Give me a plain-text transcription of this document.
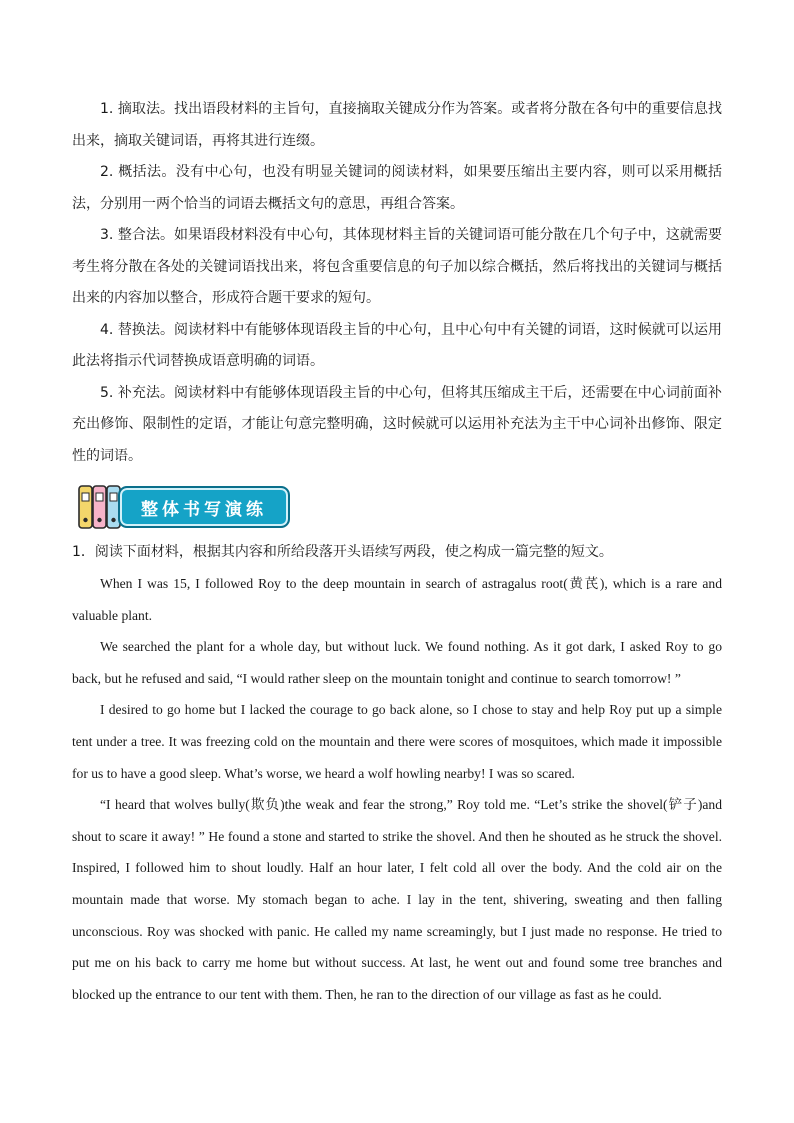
1. 摘取法。找出语段材料的主旨句，直接摘取关键成分作为答案。或者将分散在各句中的重要信息找出来，摘取关键词语，再将其进行连缀。

2. 概括法。没有中心句，也没有明显关键词的阅读材料，如果要压缩出主要内容，则可以采用概括法，分别用一两个恰当的词语去概括文句的意思，再组合答案。

3. 整合法。如果语段材料没有中心句，其体现材料主旨的关键词语可能分散在几个句子中，这就需要考生将分散在各处的关键词语找出来，将包含重要信息的句子加以综合概括，然后将找出的关键词与概括出来的内容加以整合，形成符合题干要求的短句。

4. 替换法。阅读材料中有能够体现语段主旨的中心句，且中心句中有关键的词语，这时候就可以运用此法将指示代词替换成语意明确的词语。

5. 补充法。阅读材料中有能够体现语段主旨的中心句，但将其压缩成主干后，还需要在中心词前面补充出修饰、限制性的定语，才能让句意完整明确，这时候就可以运用补充法为主干中心词补出修饰、限定性的词语。

整体书写演练

1．阅读下面材料，根据其内容和所给段落开头语续写两段，使之构成一篇完整的短文。

When I was 15, I followed Roy to the deep mountain in search of astragalus root(黄芪), which is a rare and valuable plant.

We searched the plant for a whole day, but without luck. We found nothing. As it got dark, I asked Roy to go back, but he refused and said, “I would rather sleep on the mountain tonight and continue to search tomorrow! ”

I desired to go home but I lacked the courage to go back alone, so I chose to stay and help Roy put up a simple tent under a tree. It was freezing cold on the mountain and there were scores of mosquitoes, which made it impossible for us to have a good sleep. What’s worse, we heard a wolf howling nearby! I was so scared.

“I heard that wolves bully(欺负)the weak and fear the strong,” Roy told me. “Let’s strike the shovel(铲子)and shout to scare it away! ” He found a stone and started to strike the shovel. And then he shouted as he struck the shovel. Inspired, I followed him to shout loudly. Half an hour later, I felt cold all over the body. And the cold air on the mountain made that worse. My stomach began to ache. I lay in the tent, shivering, sweating and then falling unconscious. Roy was shocked with panic. He called my name screamingly, but I just made no response. He tried to put me on his back to carry me home but without success. At last, he went out and found some tree branches and blocked up the entrance to our tent with them. Then, he ran to the direction of our village as fast as he could.
